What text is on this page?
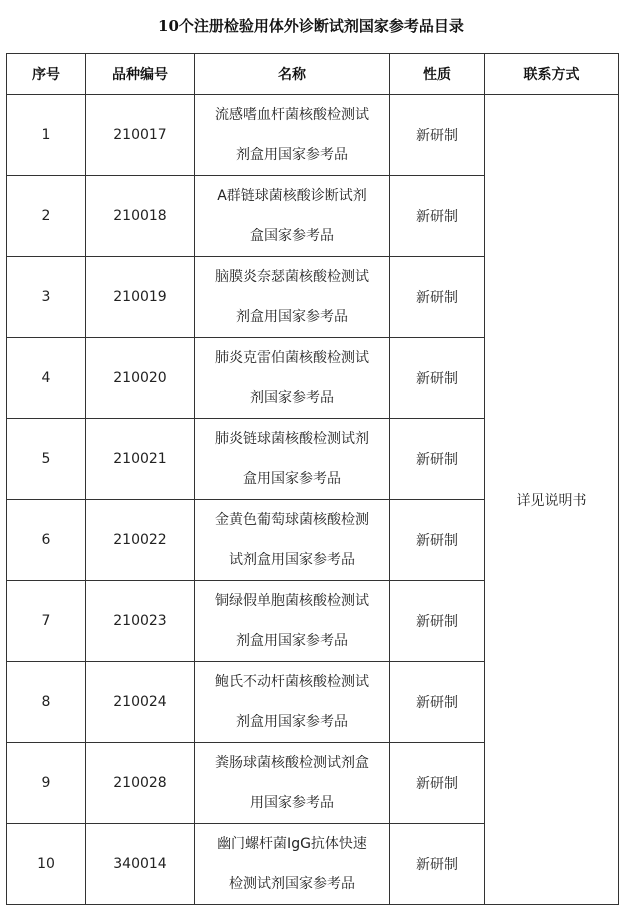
10个注册检验用体外诊断试剂国家参考品目录
序号	品种编号	名称	性质	联系方式
1	210017	流感嗜血杆菌核酸检测试
剂盒用国家参考品	新研制	详见说明书
2	210018	A群链球菌核酸诊断试剂
盒国家参考品	新研制	
3	210019	脑膜炎奈瑟菌核酸检测试
剂盒用国家参考品	新研制	
4	210020	肺炎克雷伯菌核酸检测试
剂国家参考品	新研制	
5	210021	肺炎链球菌核酸检测试剂
盒用国家参考品	新研制	
6	210022	金黄色葡萄球菌核酸检测
试剂盒用国家参考品	新研制	
7	210023	铜绿假单胞菌核酸检测试
剂盒用国家参考品	新研制	
8	210024	鲍氏不动杆菌核酸检测试
剂盒用国家参考品	新研制	
9	210028	粪肠球菌核酸检测试剂盒
用国家参考品	新研制	
10	340014	幽门螺杆菌IgG抗体快速
检测试剂国家参考品	新研制	
